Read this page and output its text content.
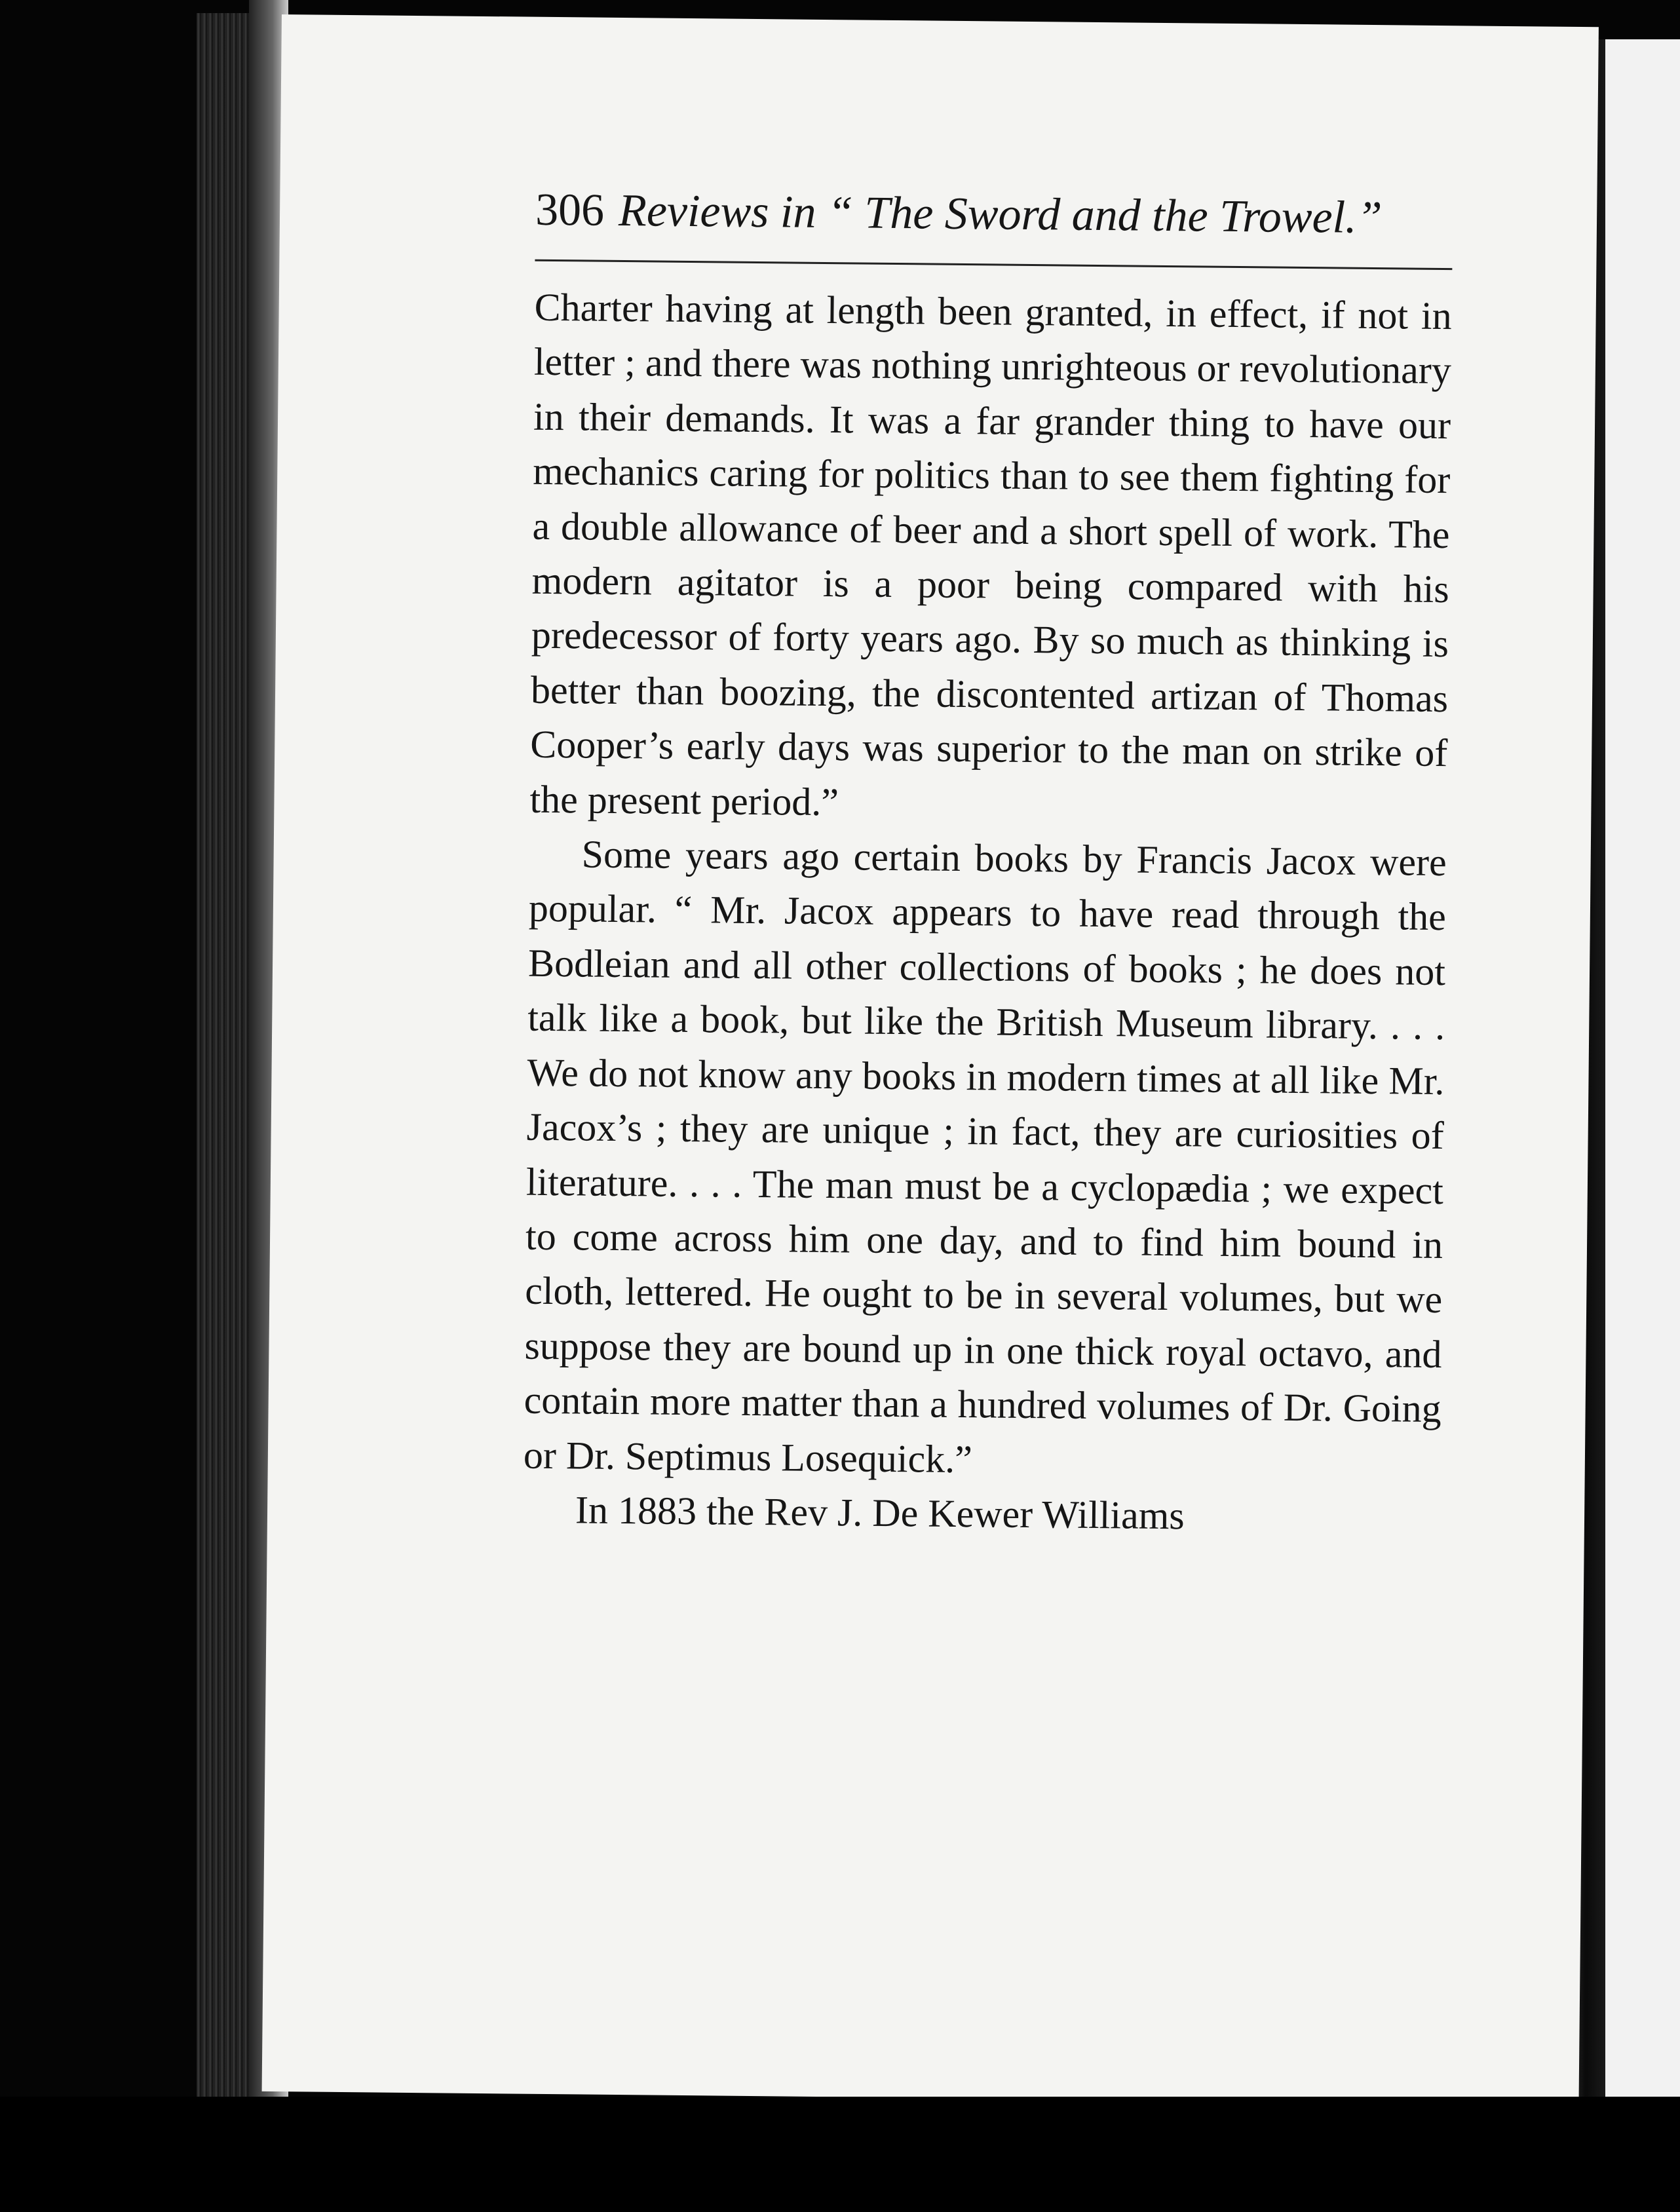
306 Reviews in “ The Sword and the Trowel.”

Charter having at length been granted, in effect, if not in letter ; and there was nothing unrighteous or revolutionary in their demands. It was a far grander thing to have our mechanics caring for politics than to see them fighting for a double allowance of beer and a short spell of work. The modern agitator is a poor being compared with his predecessor of forty years ago. By so much as thinking is better than boozing, the discontented artizan of Thomas Cooper’s early days was superior to the man on strike of the present period.”

Some years ago certain books by Francis Jacox were popular. “ Mr. Jacox appears to have read through the Bodleian and all other collections of books ; he does not talk like a book, but like the British Museum library. . . . We do not know any books in modern times at all like Mr. Jacox’s ; they are unique ; in fact, they are curiosities of literature. . . . The man must be a cyclopædia ; we expect to come across him one day, and to find him bound in cloth, lettered. He ought to be in several volumes, but we suppose they are bound up in one thick royal octavo, and contain more matter than a hundred volumes of Dr. Going or Dr. Septimus Losequick.”

In 1883 the Rev J. De Kewer Williams
